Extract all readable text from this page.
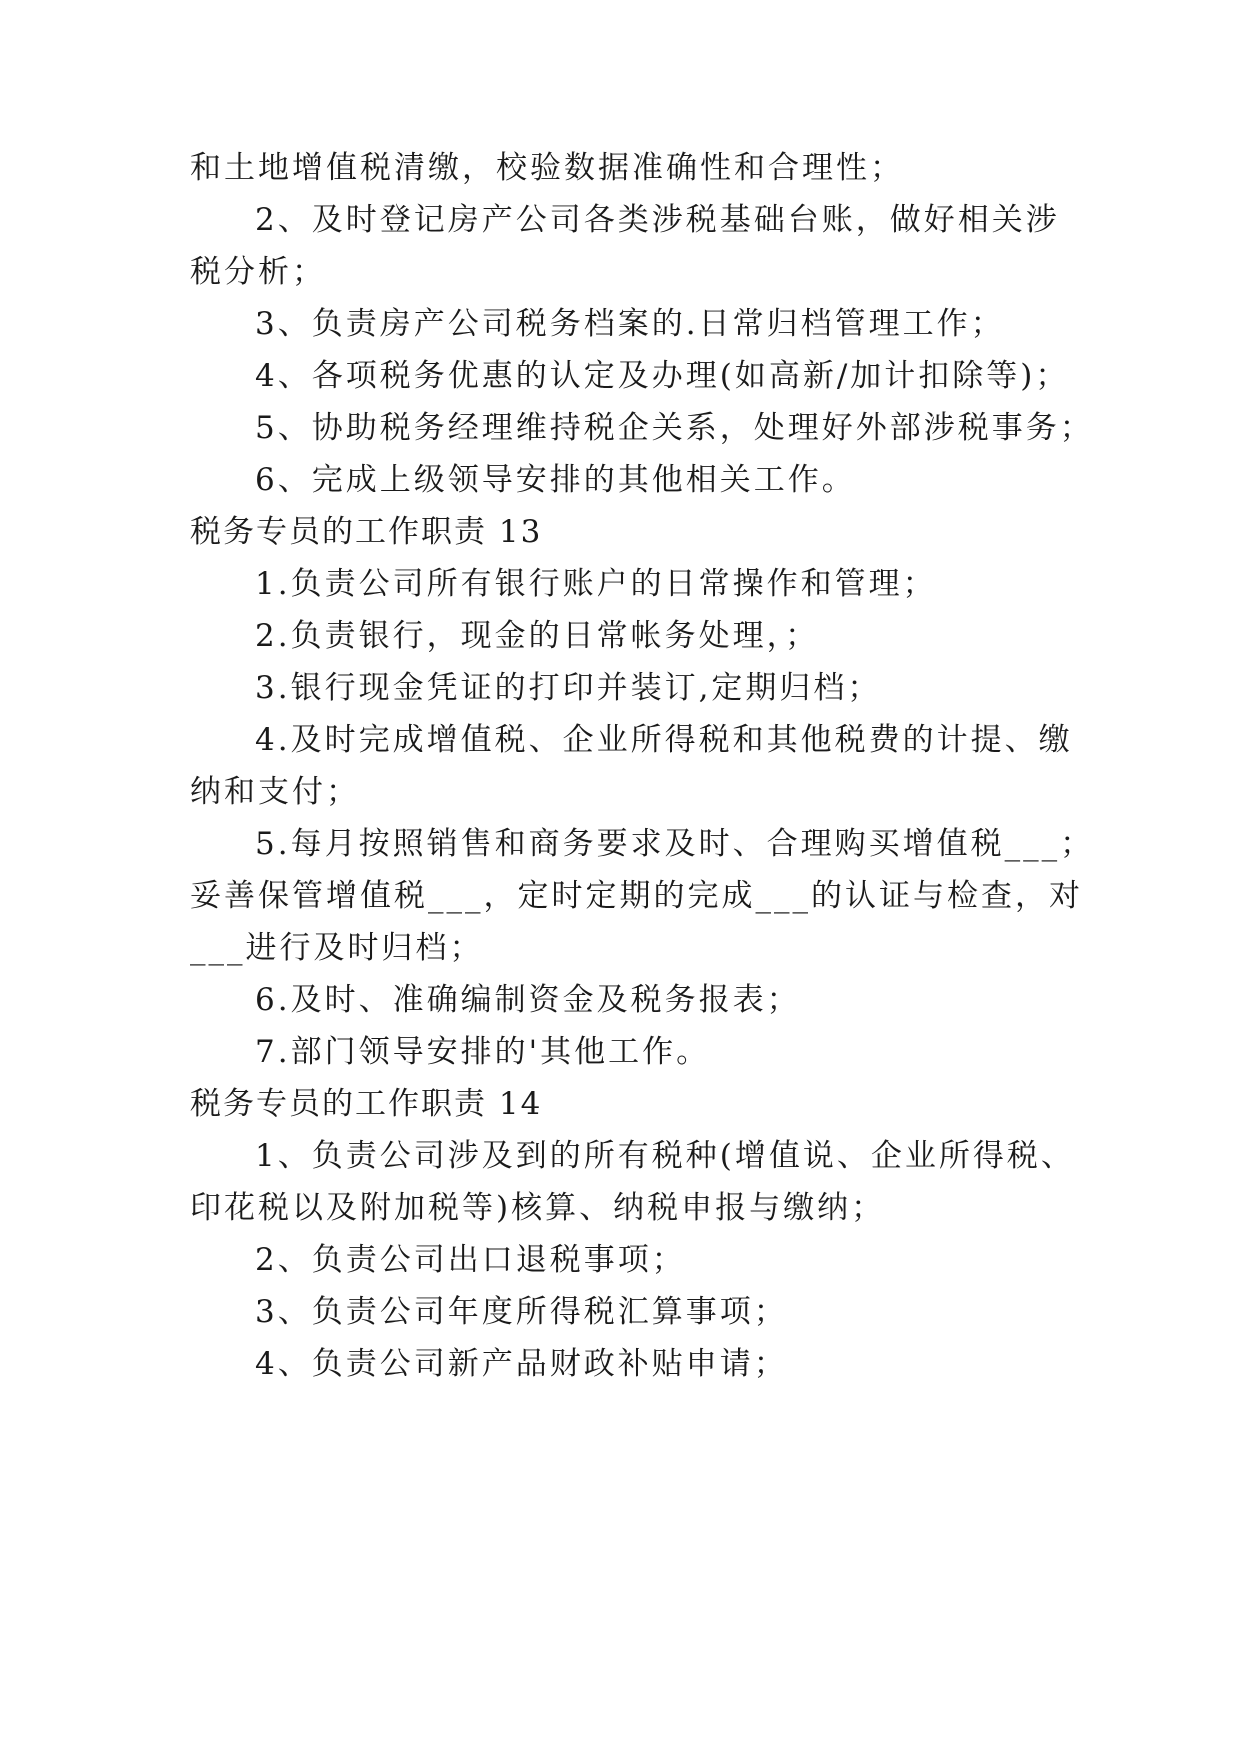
和土地增值税清缴，校验数据准确性和合理性；
2、及时登记房产公司各类涉税基础台账，做好相关涉
税分析；
3、负责房产公司税务档案的.日常归档管理工作；
4、各项税务优惠的认定及办理(如高新/加计扣除等)；
5、协助税务经理维持税企关系，处理好外部涉税事务；
6、完成上级领导安排的其他相关工作。
税务专员的工作职责 13
1.负责公司所有银行账户的日常操作和管理；
2.负责银行，现金的日常帐务处理，；
3.银行现金凭证的打印并装订,定期归档；
4.及时完成增值税、企业所得税和其他税费的计提、缴
纳和支付；
5.每月按照销售和商务要求及时、合理购买增值税___；
妥善保管增值税___，定时定期的完成___的认证与检查，对
___进行及时归档；
6.及时、准确编制资金及税务报表；
7.部门领导安排的'其他工作。
税务专员的工作职责 14
1、负责公司涉及到的所有税种(增值说、企业所得税、
印花税以及附加税等)核算、纳税申报与缴纳；
2、负责公司出口退税事项；
3、负责公司年度所得税汇算事项；
4、负责公司新产品财政补贴申请；
